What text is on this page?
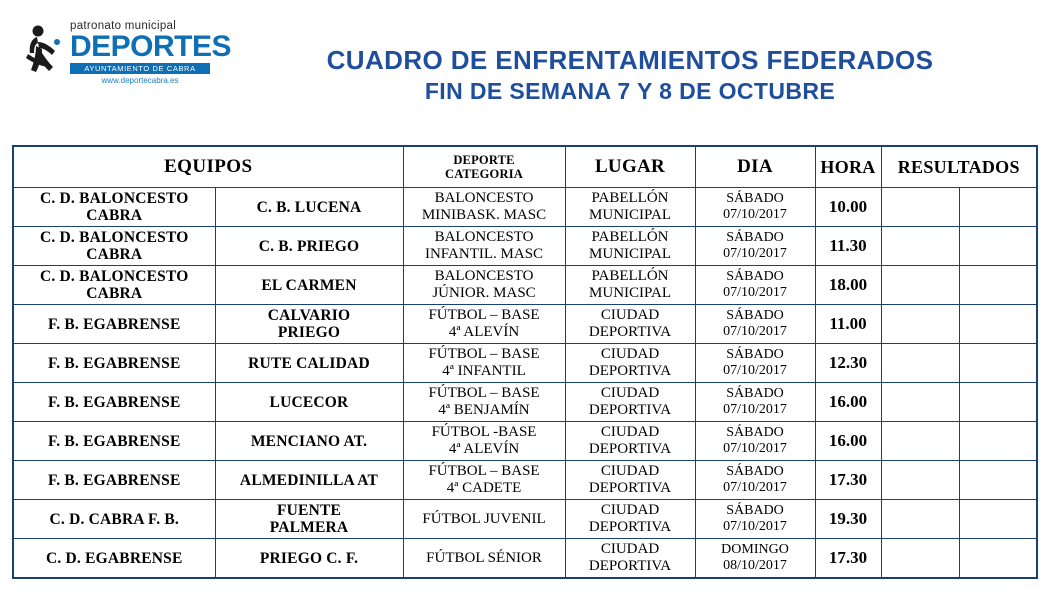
patronato municipal
DEPORTES
AYUNTAMIENTO DE CABRA
www.deportecabra.es
CUADRO DE ENFRENTAMIENTOS FEDERADOS
FIN DE SEMANA 7 Y 8 DE OCTUBRE
EQUIPOS		DEPORTE
CATEGORIA	LUGAR	DIA	HORA	RESULTADOS	

C. D. BALONCESTO
CABRA	C. B. LUCENA	BALONCESTO
MINIBASK. MASC	PABELLÓN
MUNICIPAL	SÁBADO
07/10/2017	10.00		

C. D. BALONCESTO
CABRA	C. B. PRIEGO	BALONCESTO
INFANTIL. MASC	PABELLÓN
MUNICIPAL	SÁBADO
07/10/2017	11.30		

C. D. BALONCESTO
CABRA	EL CARMEN	BALONCESTO
JÚNIOR. MASC	PABELLÓN
MUNICIPAL	SÁBADO
07/10/2017	18.00		

F. B. EGABRENSE	CALVARIO
PRIEGO	FÚTBOL – BASE
4ª ALEVÍN	CIUDAD
DEPORTIVA	SÁBADO
07/10/2017	11.00		

F. B. EGABRENSE	RUTE CALIDAD	FÚTBOL – BASE
4ª INFANTIL	CIUDAD
DEPORTIVA	SÁBADO
07/10/2017	12.30		

F. B. EGABRENSE	LUCECOR	FÚTBOL – BASE
4ª BENJAMÍN	CIUDAD
DEPORTIVA	SÁBADO
07/10/2017	16.00		

F. B. EGABRENSE	MENCIANO AT.	FÚTBOL -BASE
4ª ALEVÍN	CIUDAD
DEPORTIVA	SÁBADO
07/10/2017	16.00		

F. B. EGABRENSE	ALMEDINILLA AT	FÚTBOL – BASE
4ª CADETE	CIUDAD
DEPORTIVA	SÁBADO
07/10/2017	17.30		

C. D. CABRA F. B.	FUENTE
PALMERA	FÚTBOL JUVENIL	CIUDAD
DEPORTIVA	SÁBADO
07/10/2017	19.30		

C. D. EGABRENSE	PRIEGO C. F.	FÚTBOL SÉNIOR	CIUDAD
DEPORTIVA	DOMINGO
08/10/2017	17.30		
